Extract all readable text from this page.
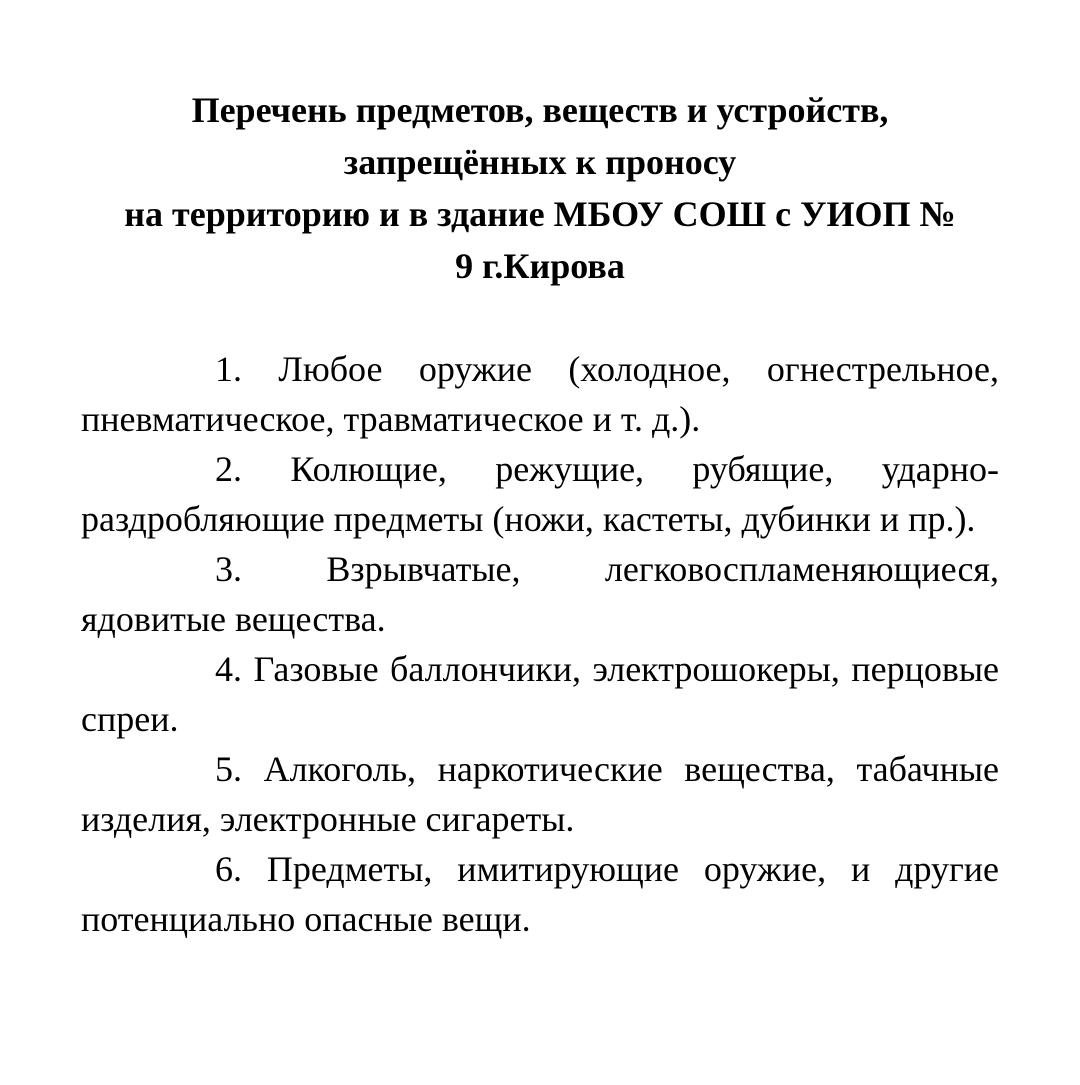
Перечень предметов, веществ и устройств,
запрещённых к проносу
на территорию и в здание МБОУ СОШ с УИОП №
9 г.Кирова
1. Любое оружие (холодное, огнестрельное, пневматическое, травматическое и т. д.).
2. Колющие, режущие, рубящие, ударно-раздробляющие предметы (ножи, кастеты, дубинки и пр.).
3. Взрывчатые, легковоспламеняющиеся, ядовитые вещества.
4. Газовые баллончики, электрошокеры, перцовые спреи.
5. Алкоголь, наркотические вещества, табачные изделия, электронные сигареты.
6. Предметы, имитирующие оружие, и другие потенциально опасные вещи.
